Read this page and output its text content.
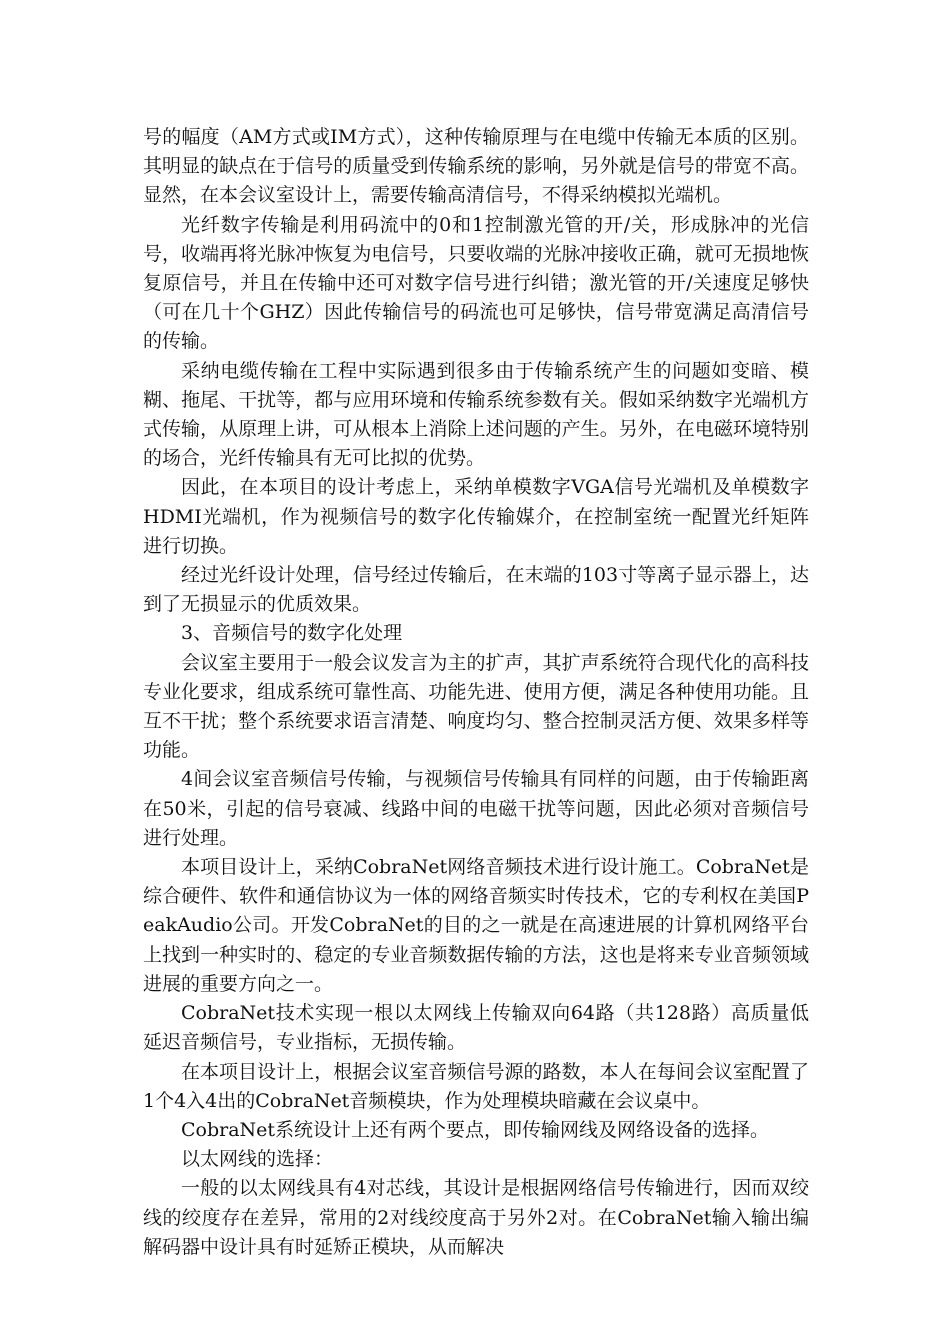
号的幅度（AM方式或IM方式），这种传输原理与在电缆中传输无本质的区别。其明显的缺点在于信号的质量受到传输系统的影响，另外就是信号的带宽不高。显然，在本会议室设计上，需要传输高清信号，不得采纳模拟光端机。

光纤数字传输是利用码流中的0和1控制激光管的开/关，形成脉冲的光信号，收端再将光脉冲恢复为电信号，只要收端的光脉冲接收正确，就可无损地恢复原信号，并且在传输中还可对数字信号进行纠错；激光管的开/关速度足够快（可在几十个GHZ）因此传输信号的码流也可足够快，信号带宽满足高清信号的传输。

采纳电缆传输在工程中实际遇到很多由于传输系统产生的问题如变暗、模糊、拖尾、干扰等，都与应用环境和传输系统参数有关。假如采纳数字光端机方式传输，从原理上讲，可从根本上消除上述问题的产生。另外，在电磁环境特别的场合，光纤传输具有无可比拟的优势。

因此，在本项目的设计考虑上，采纳单模数字VGA信号光端机及单模数字HDMI光端机，作为视频信号的数字化传输媒介，在控制室统一配置光纤矩阵进行切换。

经过光纤设计处理，信号经过传输后，在末端的103寸等离子显示器上，达到了无损显示的优质效果。

3、音频信号的数字化处理

会议室主要用于一般会议发言为主的扩声，其扩声系统符合现代化的高科技专业化要求，组成系统可靠性高、功能先进、使用方便，满足各种使用功能。且互不干扰；整个系统要求语言清楚、响度均匀、整合控制灵活方便、效果多样等功能。

4间会议室音频信号传输，与视频信号传输具有同样的问题，由于传输距离在50米，引起的信号衰减、线路中间的电磁干扰等问题，因此必须对音频信号进行处理。

本项目设计上，采纳CobraNet网络音频技术进行设计施工。CobraNet是综合硬件、软件和通信协议为一体的网络音频实时传技术，它的专利权在美国PeakAudio公司。开发CobraNet的目的之一就是在高速进展的计算机网络平台上找到一种实时的、稳定的专业音频数据传输的方法，这也是将来专业音频领域进展的重要方向之一。

CobraNet技术实现一根以太网线上传输双向64路（共128路）高质量低延迟音频信号，专业指标，无损传输。

在本项目设计上，根据会议室音频信号源的路数，本人在每间会议室配置了1个4入4出的CobraNet音频模块，作为处理模块暗藏在会议桌中。

CobraNet系统设计上还有两个要点，即传输网线及网络设备的选择。

以太网线的选择：

一般的以太网线具有4对芯线，其设计是根据网络信号传输进行，因而双绞线的绞度存在差异，常用的2对线绞度高于另外2对。在CobraNet输入输出编解码器中设计具有时延矫正模块，从而解决
